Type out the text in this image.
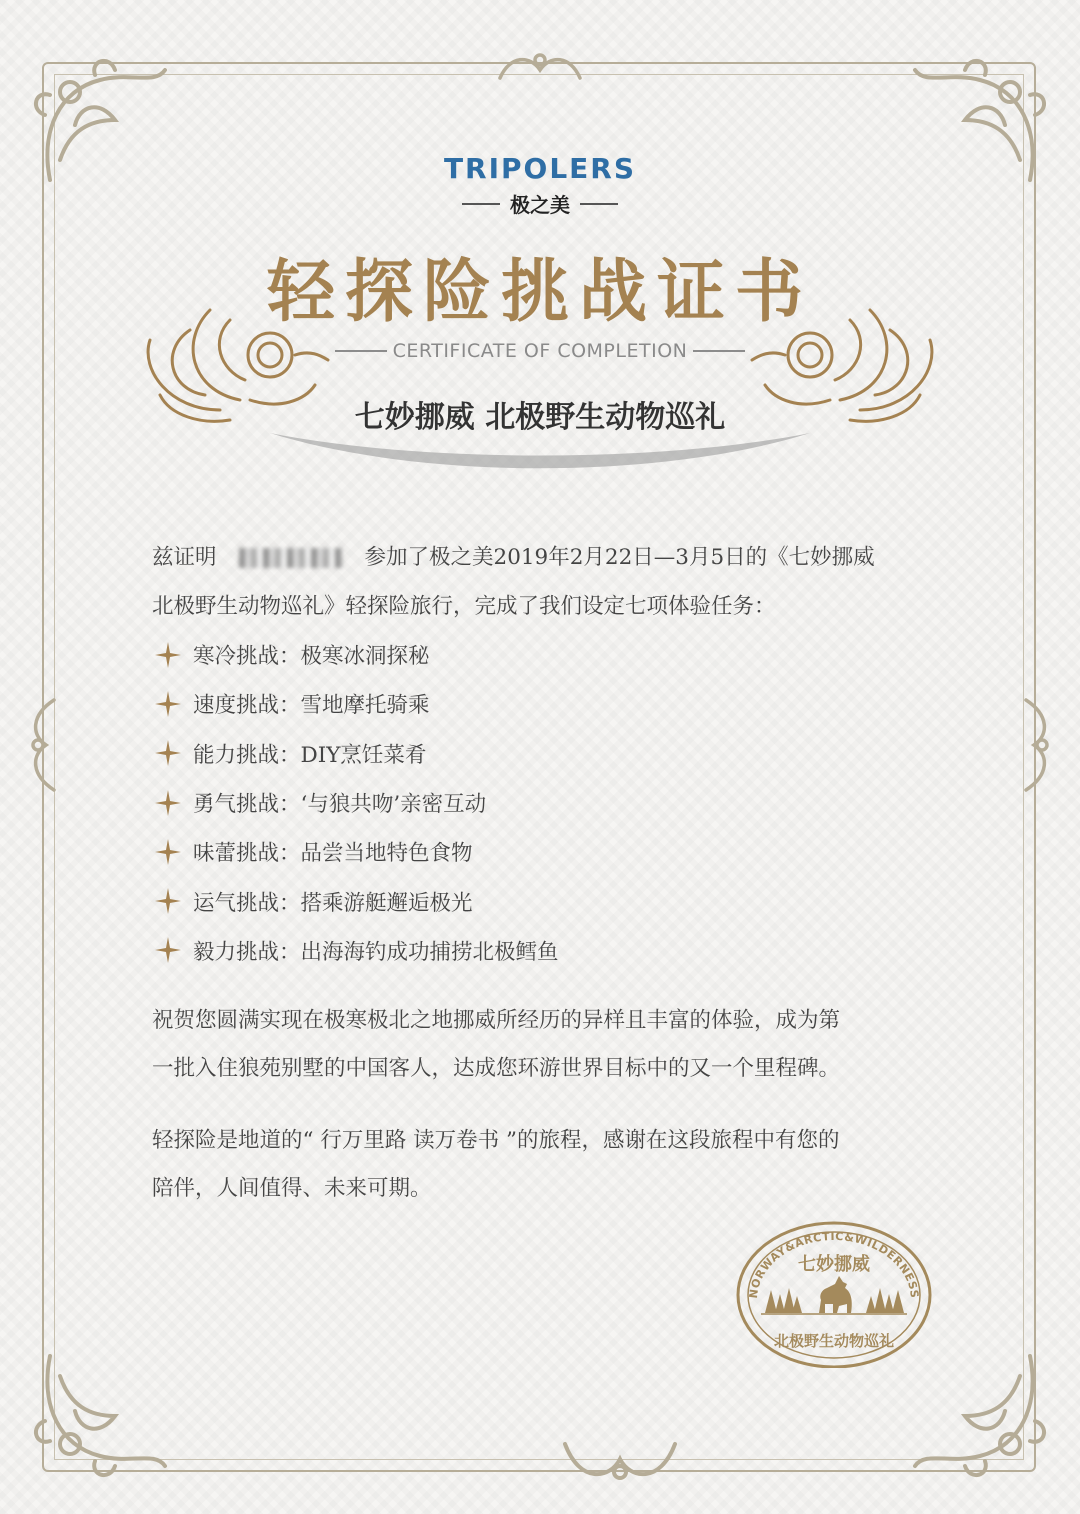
TRIPOLERS
极之美
轻探险挑战证书
CERTIFICATE OF COMPLETION
七妙挪威 北极野生动物巡礼
兹证明	参加了极之美2019年2月22日—3月5日的《七妙挪威
北极野生动物巡礼》轻探险旅行，完成了我们设定七项体验任务：
寒冷挑战：极寒冰洞探秘
速度挑战：雪地摩托骑乘
能力挑战：DIY烹饪菜肴
勇气挑战：‘与狼共吻’亲密互动
味蕾挑战：品尝当地特色食物
运气挑战：搭乘游艇邂逅极光
毅力挑战：出海海钓成功捕捞北极鳕鱼
祝贺您圆满实现在极寒极北之地挪威所经历的异样且丰富的体验，成为第
一批入住狼苑别墅的中国客人，达成您环游世界目标中的又一个里程碑。
轻探险是地道的“ 行万里路 读万卷书 ”的旅程，感谢在这段旅程中有您的
陪伴，人间值得、未来可期。
NORWAY&ARCTIC&WILDERNESS
七妙挪威
北极野生动物巡礼
